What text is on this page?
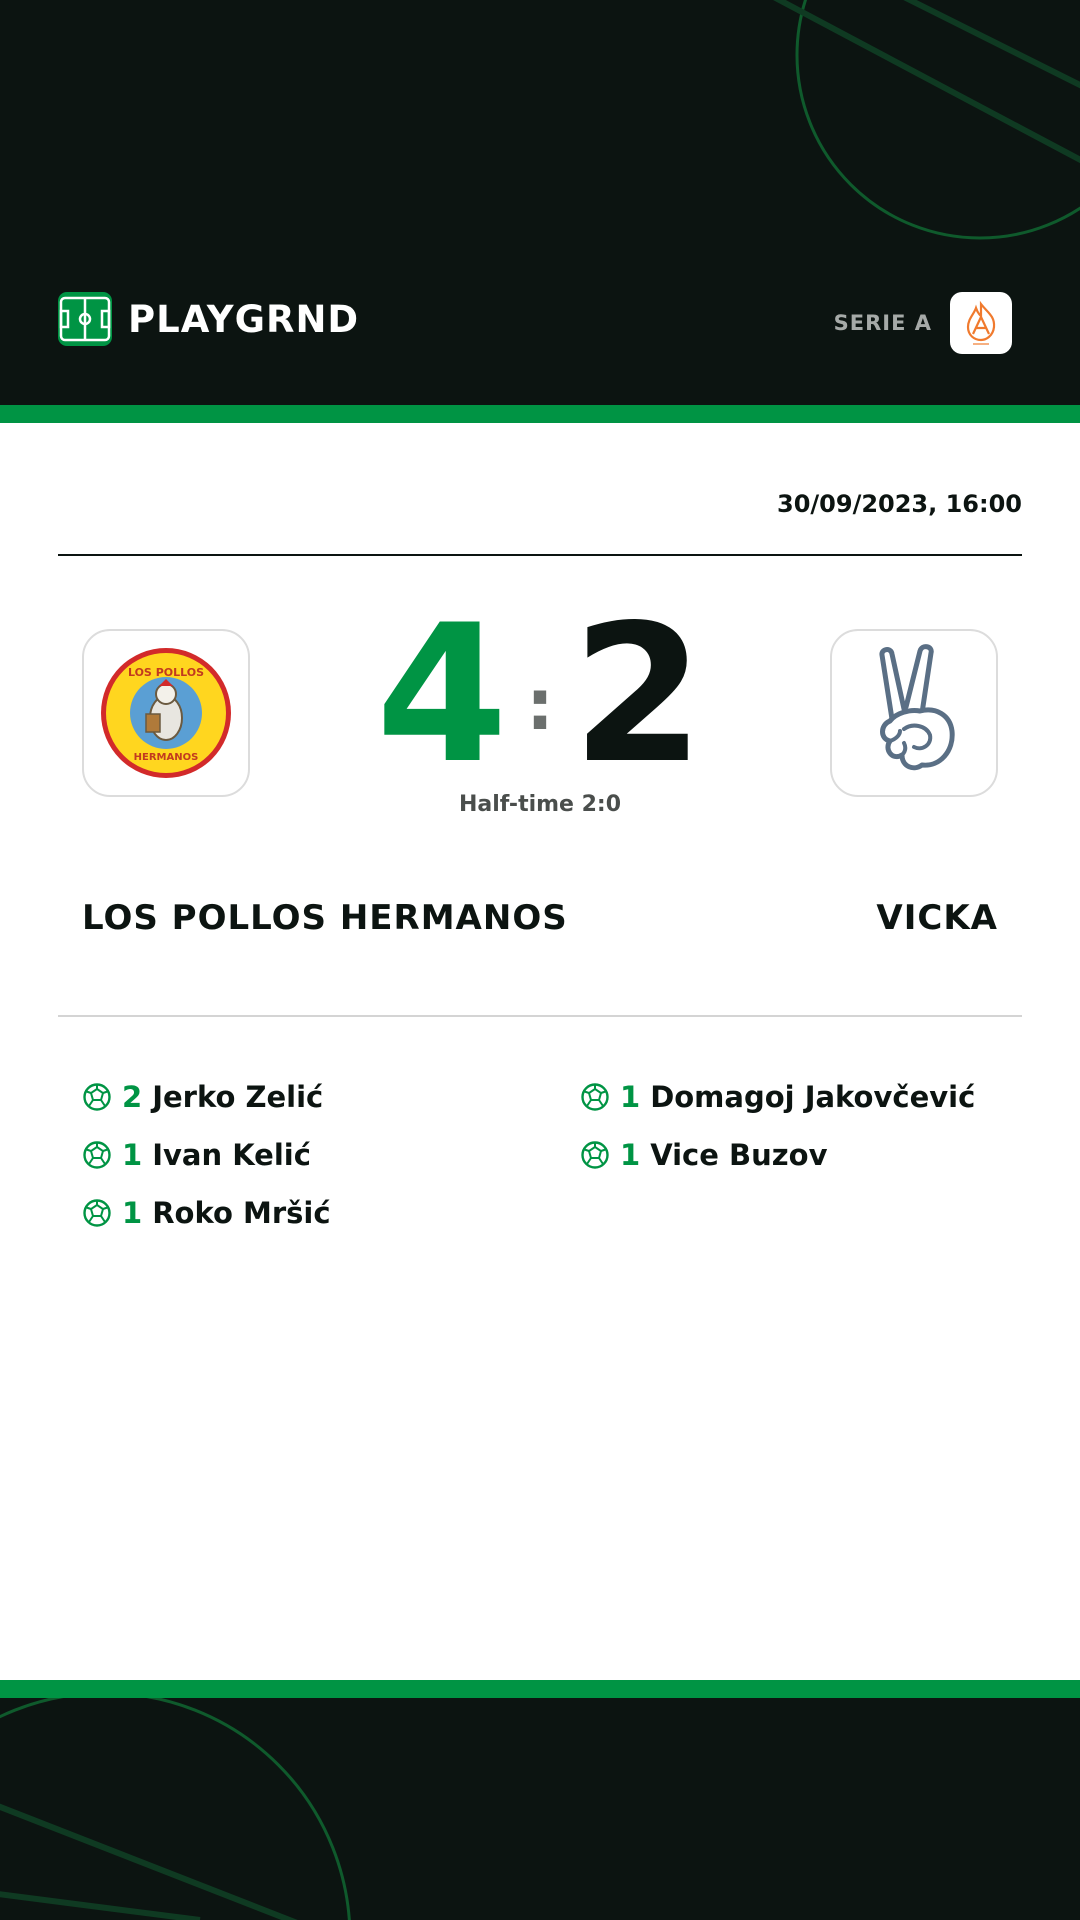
PLAYGRND	SERIE A
30/09/2023, 16:00
LOS POLLOS
HERMANOS 4 : 2
Half-time 2:0
LOS POLLOS HERMANOS	VICKA
2 Jerko Zelić
1 Ivan Kelić
1 Roko Mršić
1 Domagoj Jakovčević
1 Vice Buzov
